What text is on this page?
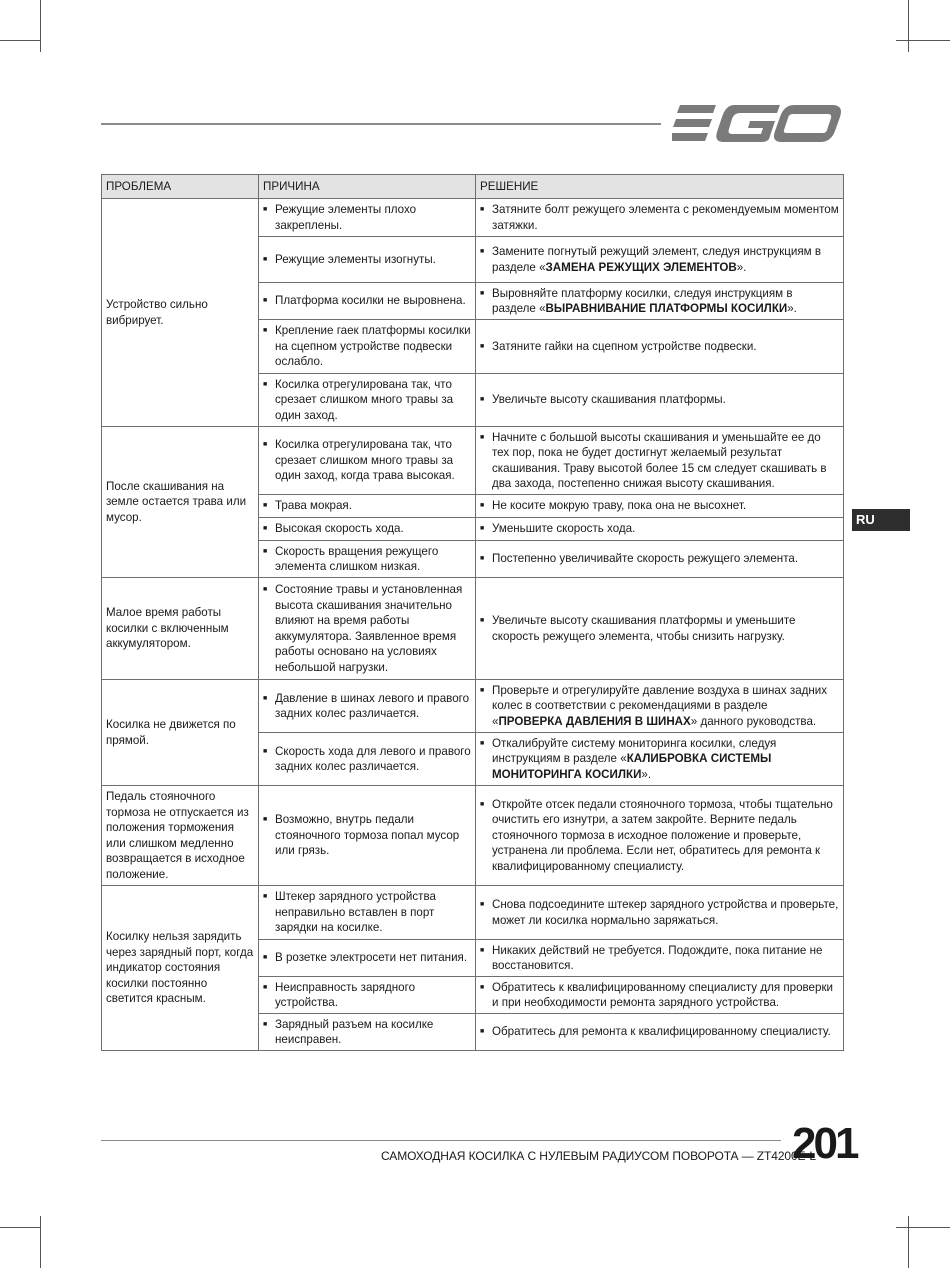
RU
ПРОБЛЕМА	ПРИЧИНА	РЕШЕНИЕ
Устройство сильно вибрирует.	■ Режущие элементы плохо закреплены.	■ Затяните болт режущего элемента с рекомендуемым моментом затяжки.

	■ Режущие элементы изогнуты.	■ Замените погнутый режущий элемент, следуя инструкциям в разделе «ЗАМЕНА РЕЖУЩИХ ЭЛЕМЕНТОВ».

	■ Платформа косилки не выровнена.	■ Выровняйте платформу косилки, следуя инструкциям в разделе «ВЫРАВНИВАНИЕ ПЛАТФОРМЫ КОСИЛКИ».

	■ Крепление гаек платформы косилки на сцепном устройстве подвески ослабло.	■ Затяните гайки на сцепном устройстве подвески.

	■ Косилка отрегулирована так, что срезает слишком много травы за один заход.	■ Увеличьте высоту скашивания платформы.

После скашивания на земле остается трава или мусор.	■ Косилка отрегулирована так, что срезает слишком много травы за один заход, когда трава высокая.	■ Начните с большой высоты скашивания и уменьшайте ее до тех пор, пока не будет достигнут желаемый результат скашивания. Траву высотой более 15 см следует скашивать в два захода, постепенно снижая высоту скашивания.

	■ Трава мокрая.	■ Не косите мокрую траву, пока она не высохнет.

	■ Высокая скорость хода.	■ Уменьшите скорость хода.

	■ Скорость вращения режущего элемента слишком низкая.	■ Постепенно увеличивайте скорость режущего элемента.

Малое время работы косилки с включенным аккумулятором.	■ Состояние травы и установленная высота скашивания значительно влияют на время работы аккумулятора. Заявленное время работы основано на условиях небольшой нагрузки.	■ Увеличьте высоту скашивания платформы и уменьшите скорость режущего элемента, чтобы снизить нагрузку.

Косилка не движется по прямой.	■ Давление в шинах левого и правого задних колес различается.	■ Проверьте и отрегулируйте давление воздуха в шинах задних колес в соответствии с рекомендациями в разделе «ПРОВЕРКА ДАВЛЕНИЯ В ШИНАХ» данного руководства.

	■ Скорость хода для левого и правого задних колес различается.	■ Откалибруйте систему мониторинга косилки, следуя инструкциям в разделе «КАЛИБРОВКА СИСТЕМЫ МОНИТОРИНГА КОСИЛКИ».

Педаль стояночного тормоза не отпускается из положения торможения или слишком медленно возвращается в исходное положение.	■ Возможно, внутрь педали стояночного тормоза попал мусор или грязь.	■ Откройте отсек педали стояночного тормоза, чтобы тщательно очистить его изнутри, а затем закройте. Верните педаль стояночного тормоза в исходное положение и проверьте, устранена ли проблема. Если нет, обратитесь для ремонта к квалифицированному специалисту.

Косилку нельзя зарядить через зарядный порт, когда индикатор состояния косилки постоянно светится красным.	■ Штекер зарядного устройства неправильно вставлен в порт зарядки на косилке.	■ Снова подсоедините штекер зарядного устройства и проверьте, может ли косилка нормально заряжаться.

	■ В розетке электросети нет питания.	■ Никаких действий не требуется. Подождите, пока питание не восстановится.

	■ Неисправность зарядного устройства.	■ Обратитесь к квалифицированному специалисту для проверки и при необходимости ремонта зарядного устройства.

	■ Зарядный разъем на косилке неисправен.	■ Обратитесь для ремонта к квалифицированному специалисту.
САМОХОДНАЯ КОСИЛКА С НУЛЕВЫМ РАДИУСОМ ПОВОРОТА — ZT4200E-L
201
